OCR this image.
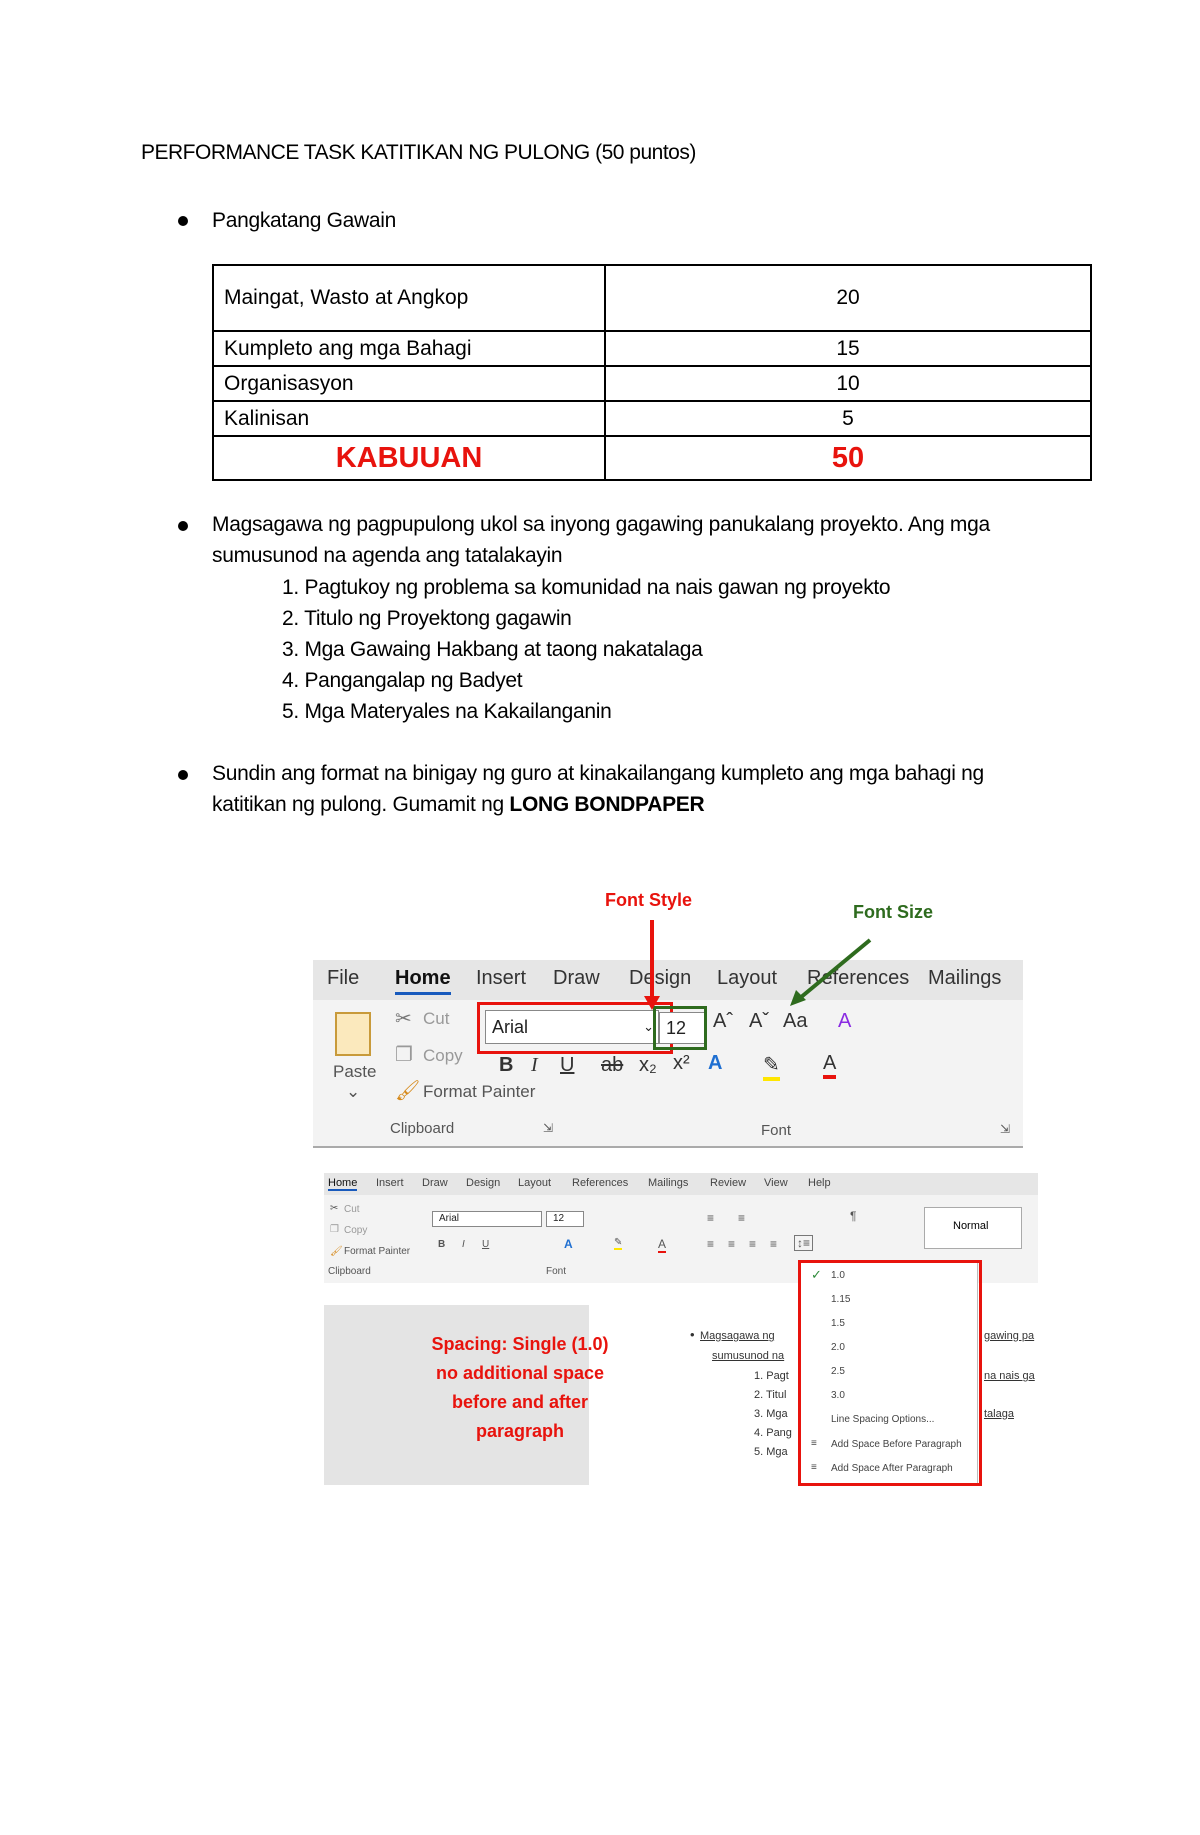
PERFORMANCE TASK KATITIKAN NG PULONG (50 puntos)
Pangkatang Gawain
Maingat, Wasto at Angkop	20
Kumpleto ang mga Bahagi	15
Organisasyon	10
Kalinisan	5
KABUUAN	50
Magsagawa ng pagpupulong ukol sa inyong gagawing panukalang proyekto. Ang mga
sumusunod na agenda ang tatalakayin
1. Pagtukoy ng problema sa komunidad na nais gawan ng proyekto
2. Titulo ng Proyektong gagawin
3. Mga Gawaing Hakbang at taong nakatalaga
4. Pangangalap ng Badyet
5. Mga Materyales na Kakailanganin
Sundin ang format na binigay ng guro at kinakailangang kumpleto ang mga bahagi ng
katitikan ng pulong. Gumamit ng LONG BONDPAPER
Font Style
Font Size
File Home Insert Draw Design Layout References Mailings
Paste
⌄
✂ Cut
❐ Copy
🖌 Format Painter
Clipboard	⇲
Arial	⌄ 12	Aˆ Aˇ Aa A
B I U ab x₂ x² A ✎ A
Font	⇲
Home Insert Draw Design Layout References Mailings Review View Help
✂ Cut
❐ Copy
🖌 Format Painter
Clipboard
Arial	12
B I U	A	✎	A
Font
≡ ≡
≡ ≡ ≡ ≡ ↕≡
¶
Normal
Spacing: Single (1.0) no additional space before and after paragraph
Magsagawa ng
•
sumusunod na
1. Pagt
2. Titul
3. Mga
4. Pang
5. Mga
gawing pa
na nais ga
talaga
✓ 1.0
1.15
1.5
2.0
2.5
3.0
Line Spacing Options...
≡ Add Space Before Paragraph
≡ Add Space After Paragraph
